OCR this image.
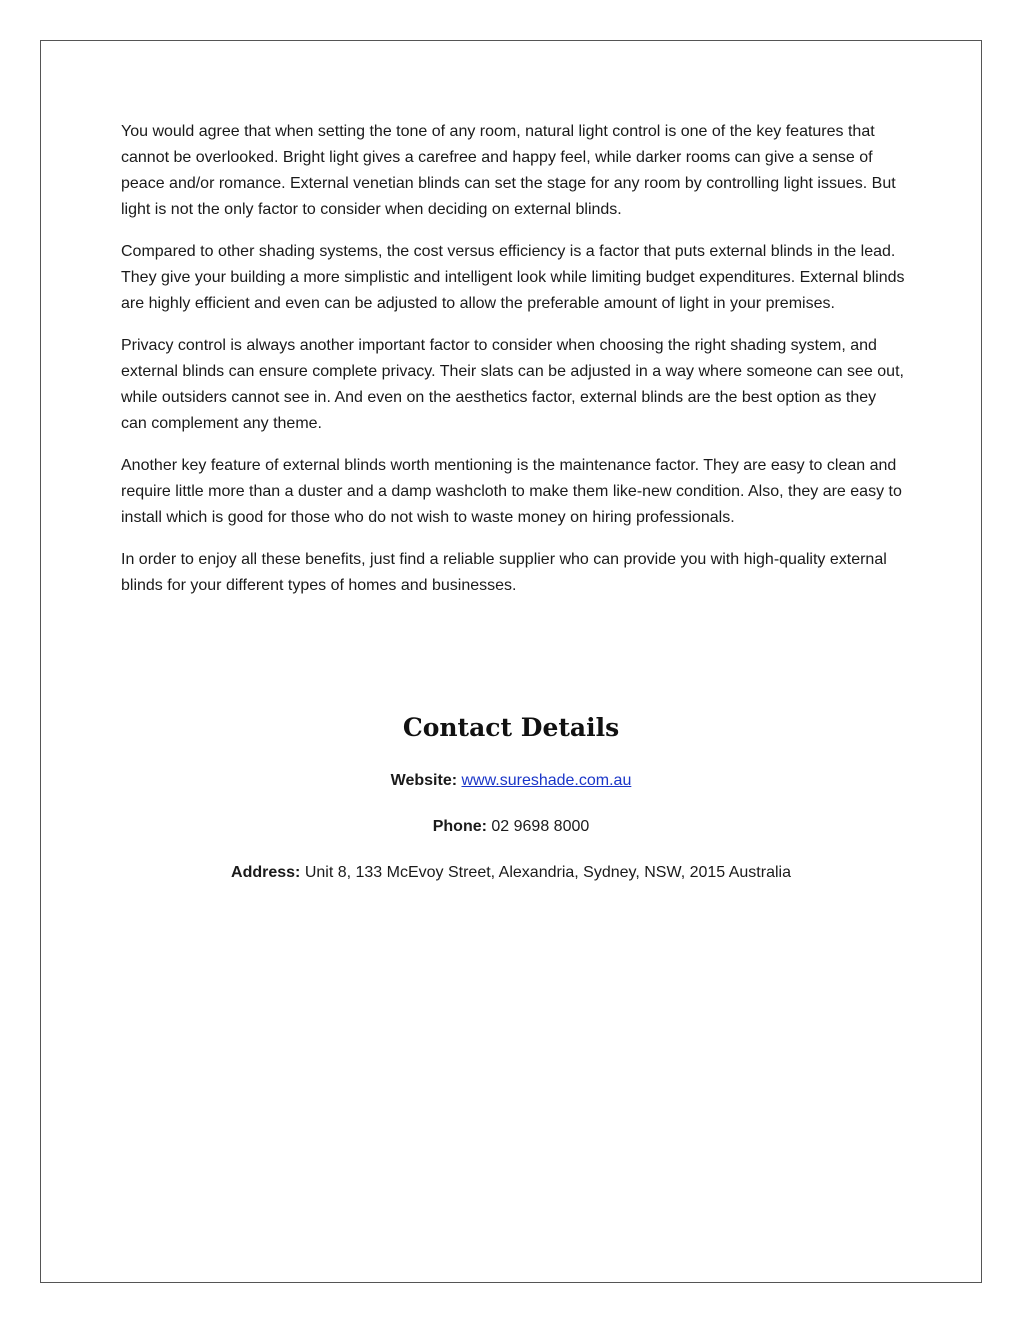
You would agree that when setting the tone of any room, natural light control is one of the key features that cannot be overlooked. Bright light gives a carefree and happy feel, while darker rooms can give a sense of peace and/or romance. External venetian blinds can set the stage for any room by controlling light issues. But light is not the only factor to consider when deciding on external blinds.

Compared to other shading systems, the cost versus efficiency is a factor that puts external blinds in the lead. They give your building a more simplistic and intelligent look while limiting budget expenditures. External blinds are highly efficient and even can be adjusted to allow the preferable amount of light in your premises.

Privacy control is always another important factor to consider when choosing the right shading system, and external blinds can ensure complete privacy. Their slats can be adjusted in a way where someone can see out, while outsiders cannot see in. And even on the aesthetics factor, external blinds are the best option as they can complement any theme.

Another key feature of external blinds worth mentioning is the maintenance factor. They are easy to clean and require little more than a duster and a damp washcloth to make them like-new condition. Also, they are easy to install which is good for those who do not wish to waste money on hiring professionals.

In order to enjoy all these benefits, just find a reliable supplier who can provide you with high-quality external blinds for your different types of homes and businesses.

Contact Details

Website: www.sureshade.com.au

Phone: 02 9698 8000

Address: Unit 8, 133 McEvoy Street, Alexandria, Sydney, NSW, 2015 Australia
